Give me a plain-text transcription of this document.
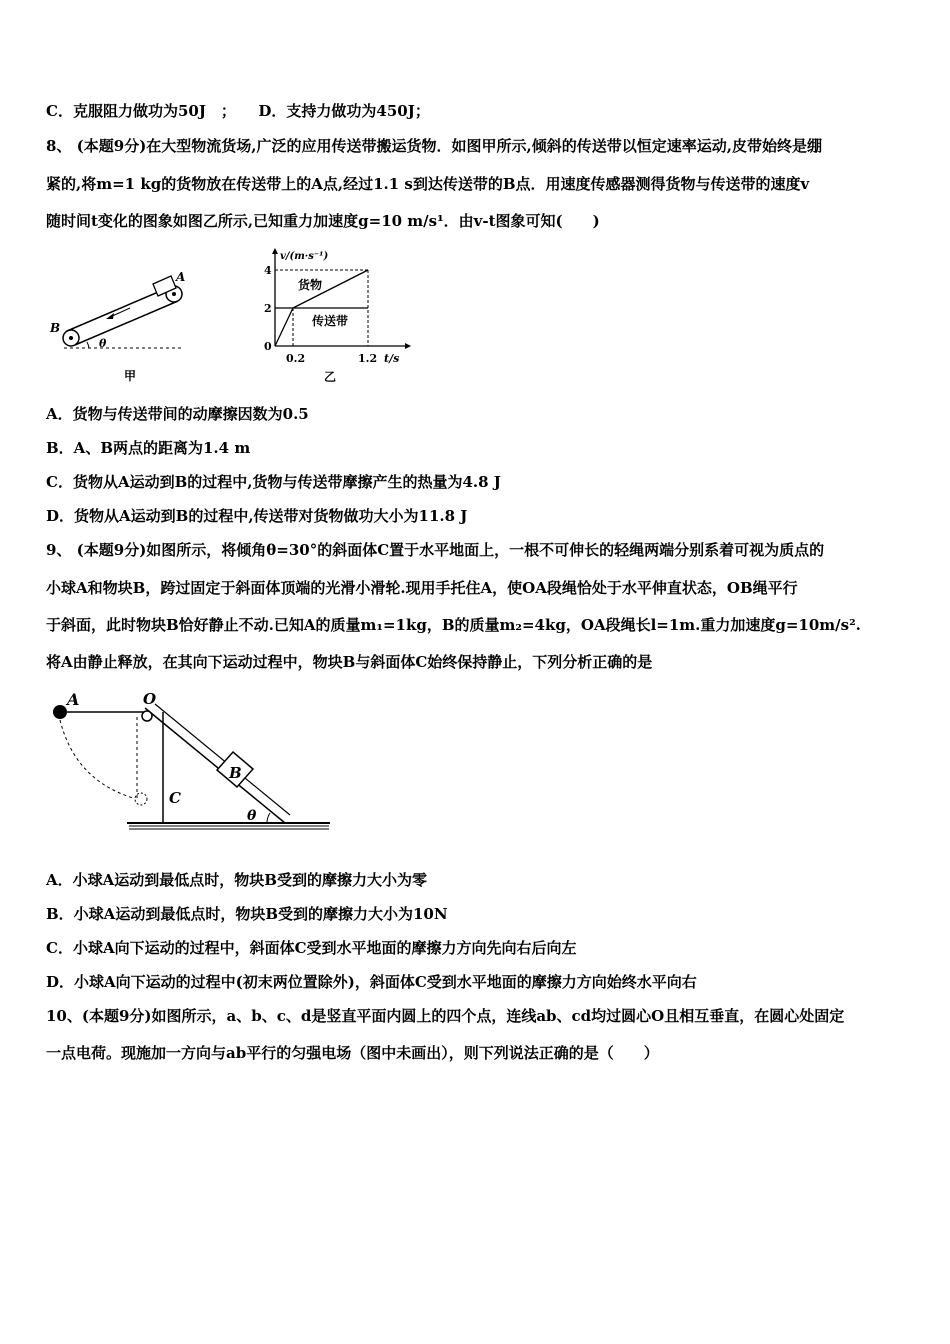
C．克服阻力做功为50J　；　　D．支持力做功为450J；
8、 (本题9分)在大型物流货场,广泛的应用传送带搬运货物．如图甲所示,倾斜的传送带以恒定速率运动,皮带始终是绷
紧的,将m=1 kg的货物放在传送带上的A点,经过1.1 s到达传送带的B点．用速度传感器测得货物与传送带的速度v
随时间t变化的图象如图乙所示,已知重力加速度g=10 m/s¹．由v-t图象可知(　　)
A
B
θ
甲
v/(m·s⁻¹)
4
2
0
0.2	1.2 t/s
货物
传送带
乙
A．货物与传送带间的动摩擦因数为0.5
B．A、B两点的距离为1.4 m
C．货物从A运动到B的过程中,货物与传送带摩擦产生的热量为4.8 J
D．货物从A运动到B的过程中,传送带对货物做功大小为11.8 J
9、 (本题9分)如图所示，将倾角θ=30°的斜面体C置于水平地面上，一根不可伸长的轻绳两端分别系着可视为质点的
小球A和物块B，跨过固定于斜面体顶端的光滑小滑轮.现用手托住A，使OA段绳恰处于水平伸直状态，OB绳平行
于斜面，此时物块B恰好静止不动.已知A的质量m₁=1kg，B的质量m₂=4kg，OA段绳长l=1m.重力加速度g=10m/s².
将A由静止释放，在其向下运动过程中，物块B与斜面体C始终保持静止，下列分析正确的是
A	O
B
C
θ
A．小球A运动到最低点时，物块B受到的摩擦力大小为零
B．小球A运动到最低点时，物块B受到的摩擦力大小为10N
C．小球A向下运动的过程中，斜面体C受到水平地面的摩擦力方向先向右后向左
D．小球A向下运动的过程中(初末两位置除外)，斜面体C受到水平地面的摩擦力方向始终水平向右
10、(本题9分)如图所示，a、b、c、d是竖直平面内圆上的四个点，连线ab、cd均过圆心O且相互垂直，在圆心处固定
一点电荷。现施加一方向与ab平行的匀强电场（图中未画出），则下列说法正确的是（　　）
